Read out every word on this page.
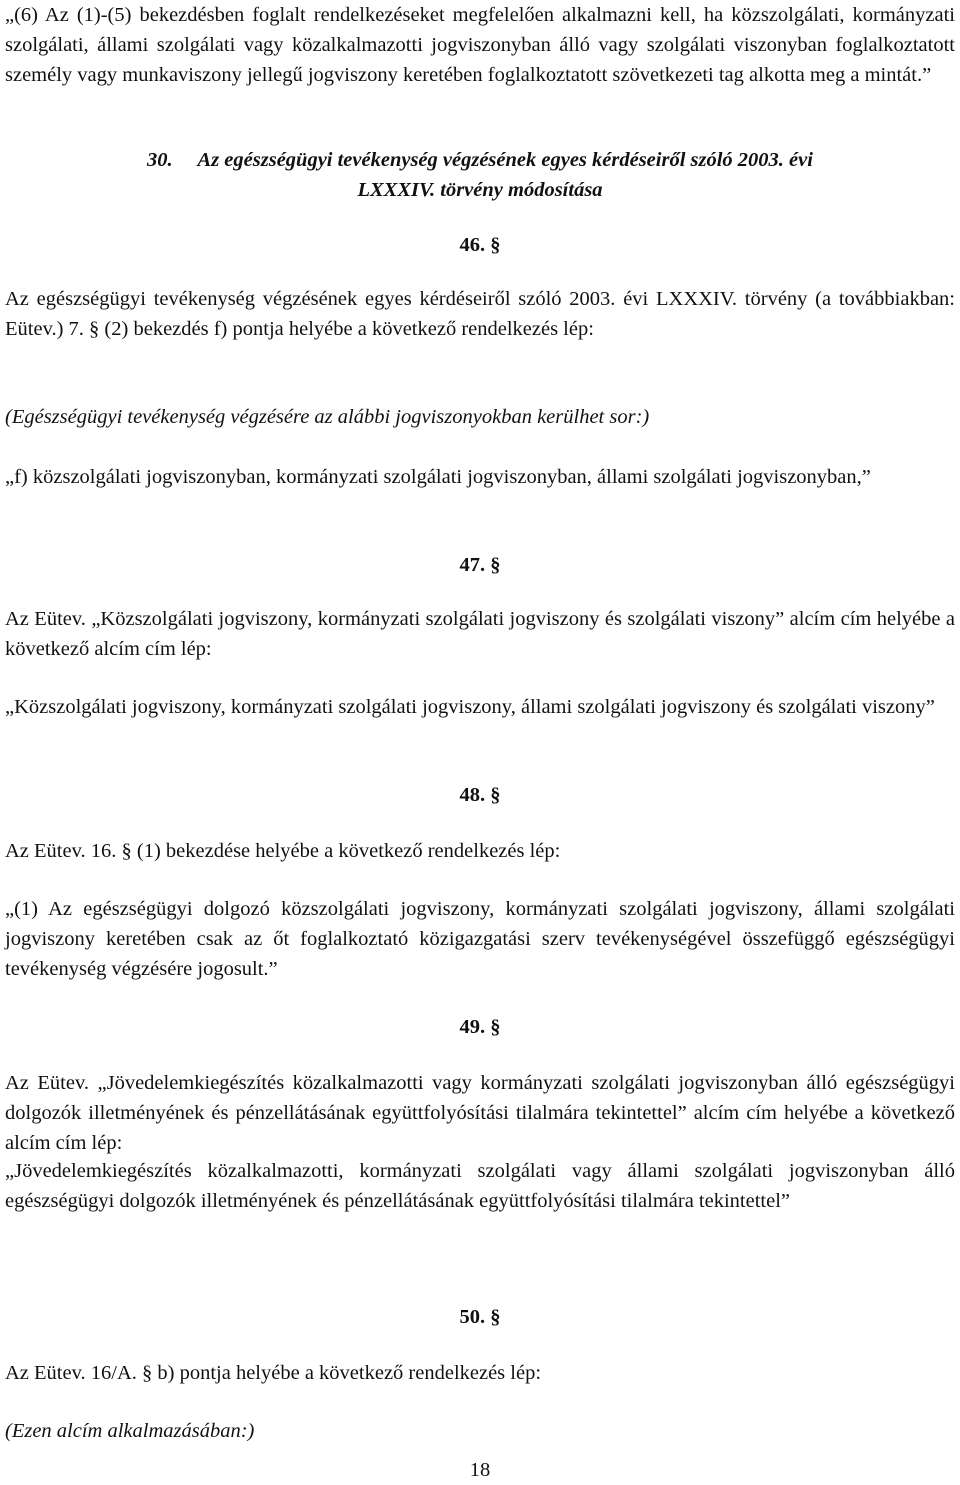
„(6) Az (1)-(5) bekezdésben foglalt rendelkezéseket megfelelően alkalmazni kell, ha közszolgálati, kormányzati szolgálati, állami szolgálati vagy közalkalmazotti jogviszonyban álló vagy szolgálati viszonyban foglalkoztatott személy vagy munkaviszony jellegű jogviszony keretében foglalkoztatott szövetkezeti tag alkotta meg a mintát.”

30. Az egészségügyi tevékenység végzésének egyes kérdéseiről szóló 2003. évi
LXXXIV. törvény módosítása

46. §

Az egészségügyi tevékenység végzésének egyes kérdéseiről szóló 2003. évi LXXXIV. törvény (a továbbiakban: Eütev.) 7. § (2) bekezdés f) pontja helyébe a következő rendelkezés lép:

(Egészségügyi tevékenység végzésére az alábbi jogviszonyokban kerülhet sor:)

„f) közszolgálati jogviszonyban, kormányzati szolgálati jogviszonyban, állami szolgálati jogviszonyban,”

47. §

Az Eütev. „Közszolgálati jogviszony, kormányzati szolgálati jogviszony és szolgálati viszony” alcím cím helyébe a következő alcím cím lép:

„Közszolgálati jogviszony, kormányzati szolgálati jogviszony, állami szolgálati jogviszony és szolgálati viszony”

48. §

Az Eütev. 16. § (1) bekezdése helyébe a következő rendelkezés lép:

„(1) Az egészségügyi dolgozó közszolgálati jogviszony, kormányzati szolgálati jogviszony, állami szolgálati jogviszony keretében csak az őt foglalkoztató közigazgatási szerv tevékenységével összefüggő egészségügyi tevékenység végzésére jogosult.”

49. §

Az Eütev. „Jövedelemkiegészítés közalkalmazotti vagy kormányzati szolgálati jogviszonyban álló egészségügyi dolgozók illetményének és pénzellátásának együttfolyósítási tilalmára tekintettel” alcím cím helyébe a következő alcím cím lép:

„Jövedelemkiegészítés közalkalmazotti, kormányzati szolgálati vagy állami szolgálati jogviszonyban álló egészségügyi dolgozók illetményének és pénzellátásának együttfolyósítási tilalmára tekintettel”

50. §

Az Eütev. 16/A. § b) pontja helyébe a következő rendelkezés lép:

(Ezen alcím alkalmazásában:)

18
